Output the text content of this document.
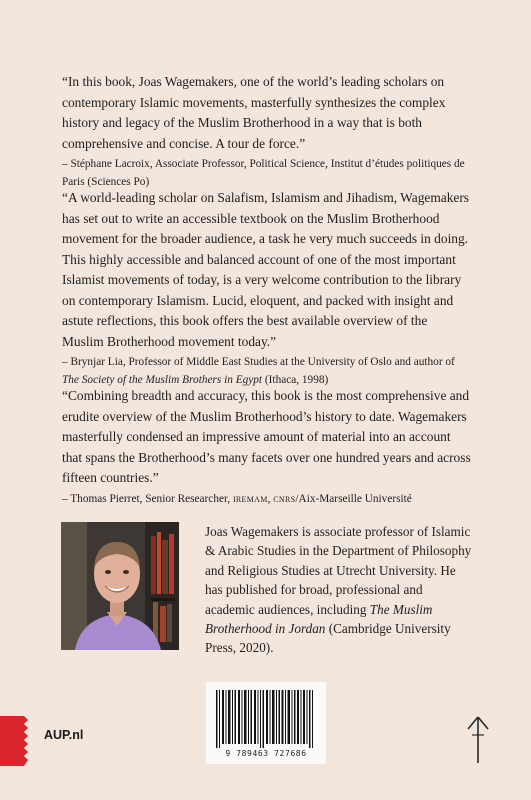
“In this book, Joas Wagemakers, one of the world’s leading scholars on contemporary Islamic movements, masterfully synthesizes the complex history and legacy of the Muslim Brotherhood in a way that is both comprehensive and concise. A tour de force.”
– Stéphane Lacroix, Associate Professor, Political Science, Institut d’études politiques de Paris (Sciences Po)
“A world-leading scholar on Salafism, Islamism and Jihadism, Wagemakers has set out to write an accessible textbook on the Muslim Brotherhood movement for the broader audience, a task he very much succeeds in doing. This highly accessible and balanced account of one of the most important Islamist movements of today, is a very welcome contribution to the library on contemporary Islamism. Lucid, eloquent, and packed with insight and astute reflections, this book offers the best available overview of the Muslim Brotherhood movement today.”
– Brynjar Lia, Professor of Middle East Studies at the University of Oslo and author of The Society of the Muslim Brothers in Egypt (Ithaca, 1998)
“Combining breadth and accuracy, this book is the most comprehensive and erudite overview of the Muslim Brotherhood’s history to date. Wagemakers masterfully condensed an impressive amount of material into an account that spans the Brotherhood’s many facets over one hundred years and across fifteen countries.”
– Thomas Pierret, Senior Researcher, iremam, cnrs/Aix-Marseille Université
Joas Wagemakers is associate professor of Islamic & Arabic Studies in the Department of Philosophy and Religious Studies at Utrecht University. He has published for broad, professional and academic audiences, including The Muslim Brotherhood in Jordan (Cambridge University Press, 2020).
9 789463 727686
AUP.nl
